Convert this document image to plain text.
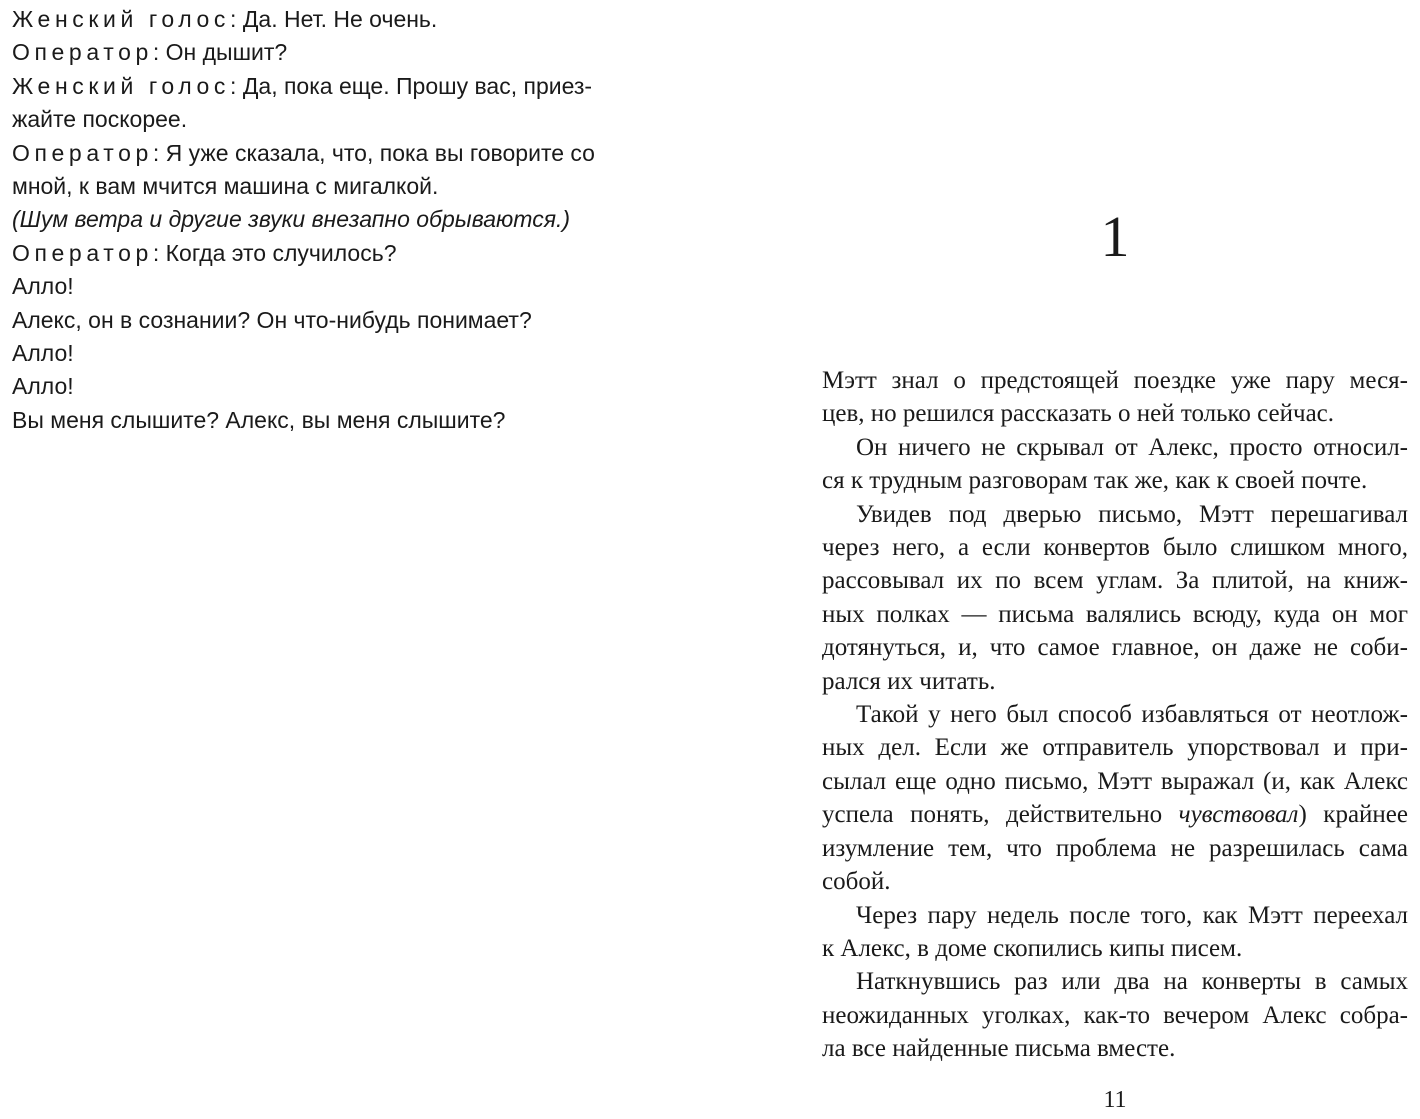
Женский голос: Да. Нет. Не очень.
Оператор: Он дышит?
Женский голос: Да, пока еще. Прошу вас, приез-
жайте поскорее.
Оператор: Я уже сказала, что, пока вы говорите со
мной, к вам мчится машина с мигалкой.
(Шум ветра и другие звуки внезапно обрываются.)
Оператор: Когда это случилось?
Алло!
Алекс, он в сознании? Он что-нибудь понимает?
Алло!
Алло!
Вы меня слышите? Алекс, вы меня слышите?
1
Мэтт знал о предстоящей поездке уже пару меся-
цев, но решился рассказать о ней только сейчас.
Он ничего не скрывал от Алекс, просто относил-
ся к трудным разговорам так же, как к своей почте.
Увидев под дверью письмо, Мэтт перешагивал
через него, а если конвертов было слишком много,
рассовывал их по всем углам. За плитой, на книж-
ных полках — письма валялись всюду, куда он мог
дотянуться, и, что самое главное, он даже не соби-
рался их читать.
Такой у него был способ избавляться от неотлож-
ных дел. Если же отправитель упорствовал и при-
сылал еще одно письмо, Мэтт выражал (и, как Алекс
успела понять, действительно чувствовал) крайнее
изумление тем, что проблема не разрешилась сама
собой.
Через пару недель после того, как Мэтт переехал
к Алекс, в доме скопились кипы писем.
Наткнувшись раз или два на конверты в самых
неожиданных уголках, как-то вечером Алекс собра-
ла все найденные письма вместе.
11
